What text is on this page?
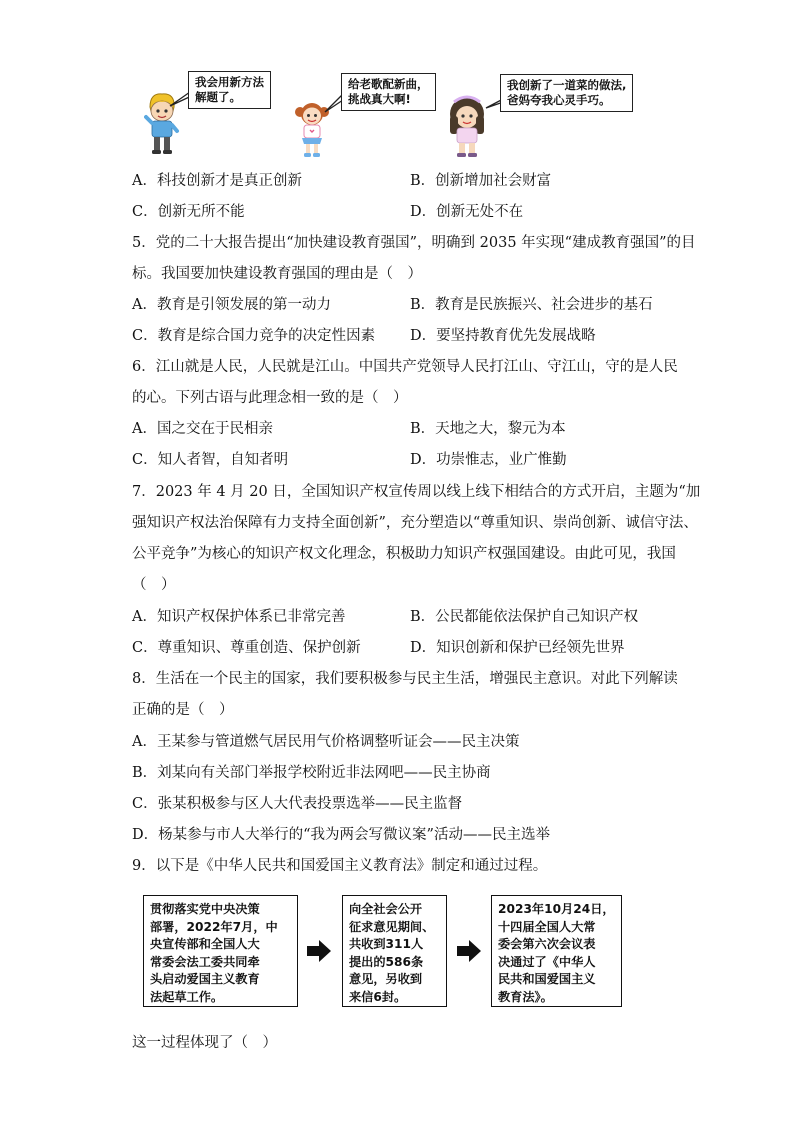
我会用新方法
解题了。
给老歌配新曲，
挑战真大啊!
我创新了一道菜的做法,
爸妈夸我心灵手巧。
A．科技创新才是真正创新	B．创新增加社会财富
C．创新无所不能	D．创新无处不在
5．党的二十大报告提出“加快建设教育强国”，明确到 2035 年实现“建成教育强国”的目
标。我国要加快建设教育强国的理由是（　）
A．教育是引领发展的第一动力	B．教育是民族振兴、社会进步的基石
C．教育是综合国力竞争的决定性因素 D．要坚持教育优先发展战略
6．江山就是人民，人民就是江山。中国共产党领导人民打江山、守江山，守的是人民
的心。下列古语与此理念相一致的是（　）
A．国之交在于民相亲	B．天地之大，黎元为本
C．知人者智，自知者明	D．功崇惟志，业广惟勤
7．2023 年 4 月 20 日，全国知识产权宣传周以线上线下相结合的方式开启，主题为“加
强知识产权法治保障有力支持全面创新”，充分塑造以“尊重知识、崇尚创新、诚信守法、
公平竞争”为核心的知识产权文化理念，积极助力知识产权强国建设。由此可见，我国
（　）
A．知识产权保护体系已非常完善	B．公民都能依法保护自己知识产权
C．尊重知识、尊重创造、保护创新	D．知识创新和保护已经领先世界
8．生活在一个民主的国家，我们要积极参与民主生活，增强民主意识。对此下列解读
正确的是（　）
A．王某参与管道燃气居民用气价格调整听证会——民主决策
B．刘某向有关部门举报学校附近非法网吧——民主协商
C．张某积极参与区人大代表投票选举——民主监督
D．杨某参与市人大举行的“我为两会写微议案”活动——民主选举
9．以下是《中华人民共和国爱国主义教育法》制定和通过过程。
贯彻落实党中央决策
部署，2022年7月，中
央宣传部和全国人大
常委会法工委共同牵
头启动爱国主义教育
法起草工作。
向全社会公开
征求意见期间、
共收到311人
提出的586条
意见，另收到
来信6封。
2023年10月24日，
十四届全国人大常
委会第六次会议表
决通过了《中华人
民共和国爱国主义
教育法》。
这一过程体现了（　）
